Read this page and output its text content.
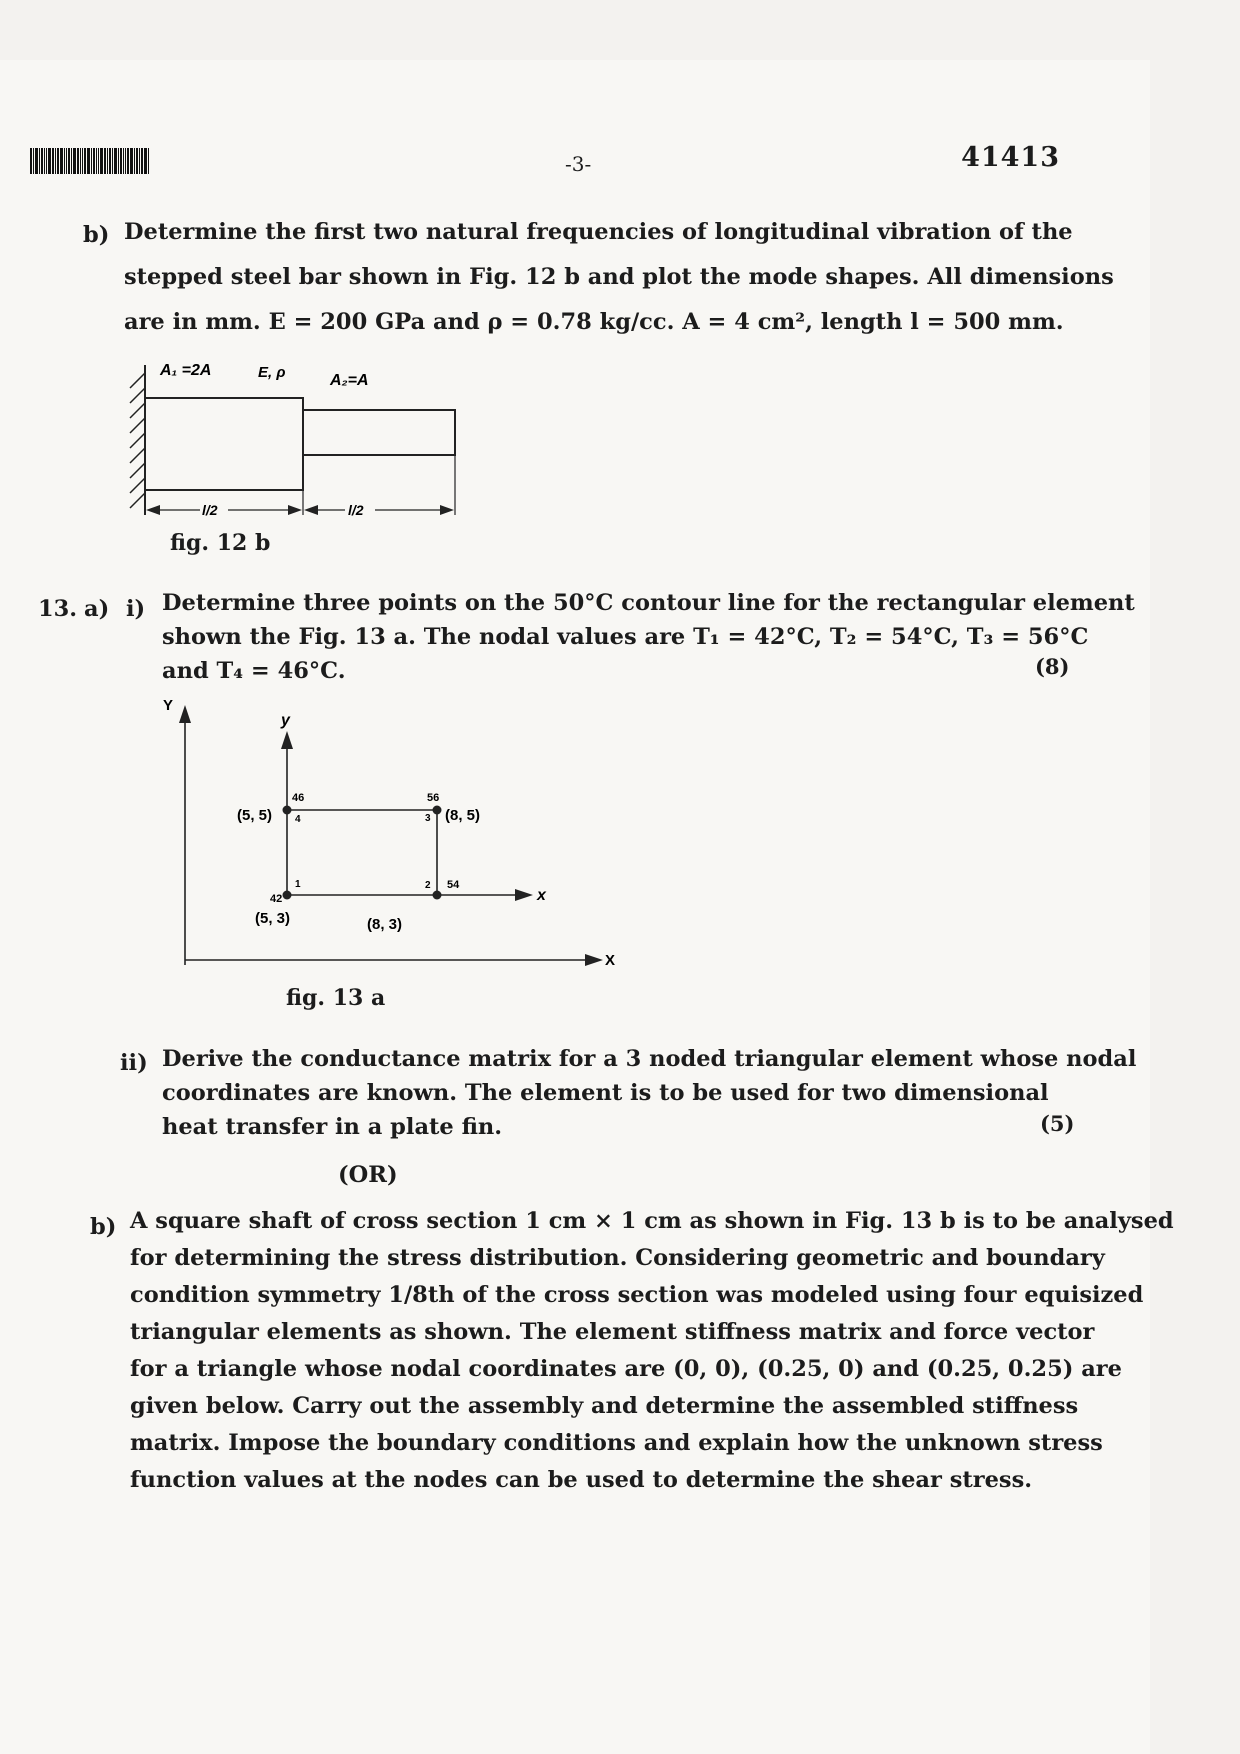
-3-	41413
b) Determine the first two natural frequencies of longitudinal vibration of the
stepped steel bar shown in Fig. 12 b and plot the mode shapes. All dimensions
are in mm. E = 200 GPa and ρ = 0.78 kg/cc. A = 4 cm², length l = 500 mm.
A₁ =2A	E, ρ	A₂=A
l/2	l/2
fig. 12 b
13. a) i) Determine three points on the 50°C contour line for the rectangular element
shown the Fig. 13 a. The nodal values are T₁ = 42°C, T₂ = 54°C, T₃ = 56°C
and T₄ = 46°C.	(8)
Y
X
y
x
(5, 5)	(8, 5)
(5, 3)	(8, 3)
46	56
42
54
1	2
3
4
fig. 13 a
ii) Derive the conductance matrix for a 3 noded triangular element whose nodal
coordinates are known. The element is to be used for two dimensional
heat transfer in a plate fin.	(5)
(OR)
b) A square shaft of cross section 1 cm × 1 cm as shown in Fig. 13 b is to be analysed
for determining the stress distribution. Considering geometric and boundary
condition symmetry 1/8th of the cross section was modeled using four equisized
triangular elements as shown. The element stiffness matrix and force vector
for a triangle whose nodal coordinates are (0, 0), (0.25, 0) and (0.25, 0.25) are
given below. Carry out the assembly and determine the assembled stiffness
matrix. Impose the boundary conditions and explain how the unknown stress
function values at the nodes can be used to determine the shear stress.
